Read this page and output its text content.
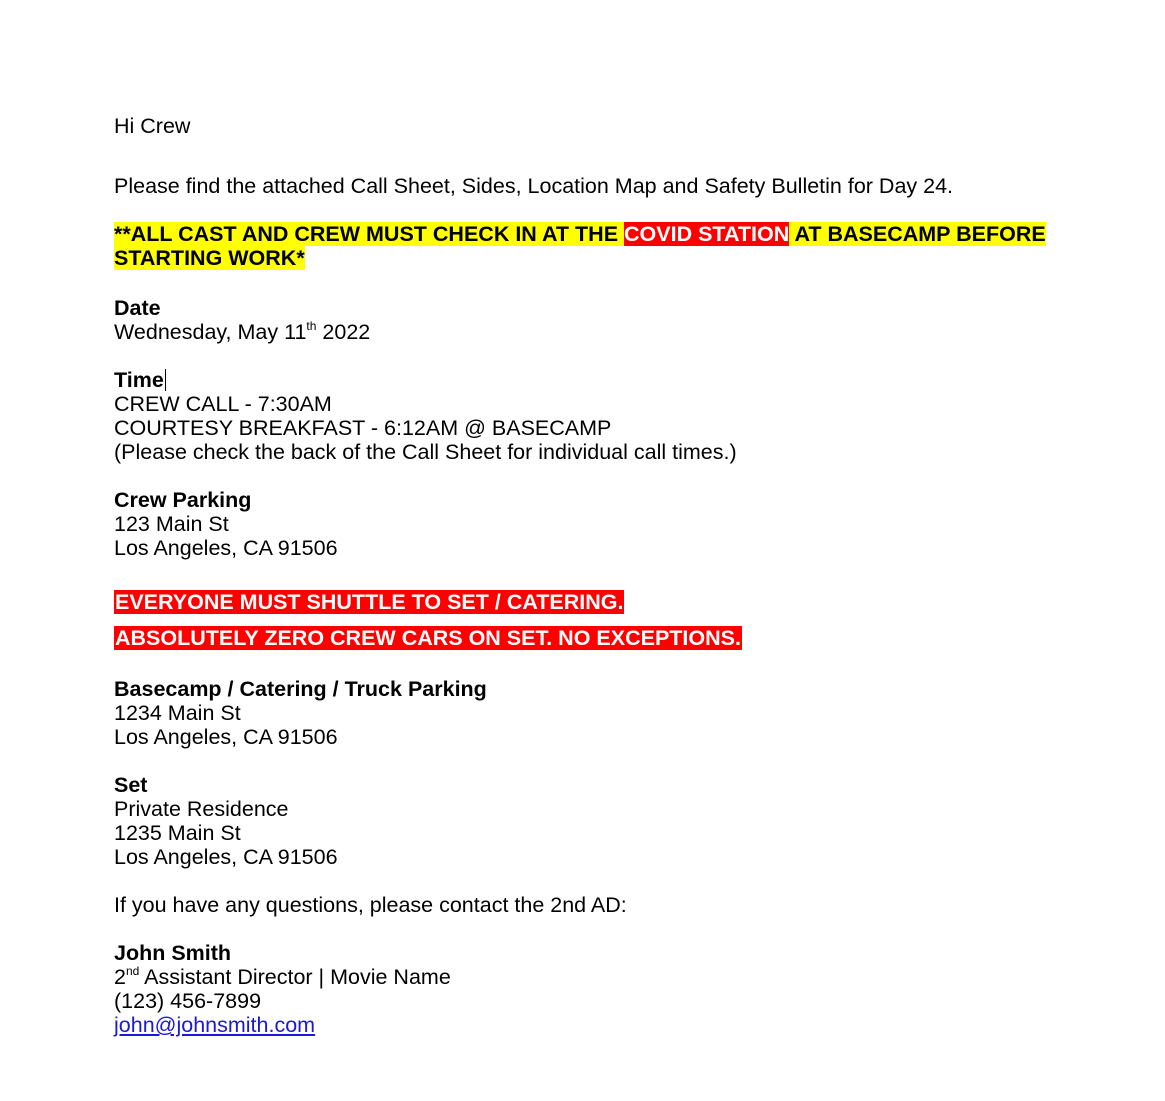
Hi Crew
Please find the attached Call Sheet, Sides, Location Map and Safety Bulletin for Day 24.
**ALL CAST AND CREW MUST CHECK IN AT THE COVID STATION AT BASECAMP BEFORE STARTING WORK*
Date
Wednesday, May 11th 2022
Time
CREW CALL - 7:30AM
COURTESY BREAKFAST - 6:12AM @ BASECAMP
(Please check the back of the Call Sheet for individual call times.)
Crew Parking
123 Main St
Los Angeles, CA 91506
EVERYONE MUST SHUTTLE TO SET / CATERING.
ABSOLUTELY ZERO CREW CARS ON SET. NO EXCEPTIONS.
Basecamp / Catering / Truck Parking
1234 Main St
Los Angeles, CA 91506
Set
Private Residence
1235 Main St
Los Angeles, CA 91506
If you have any questions, please contact the 2nd AD:
John Smith
2nd Assistant Director | Movie Name
(123) 456-7899
john@johnsmith.com
